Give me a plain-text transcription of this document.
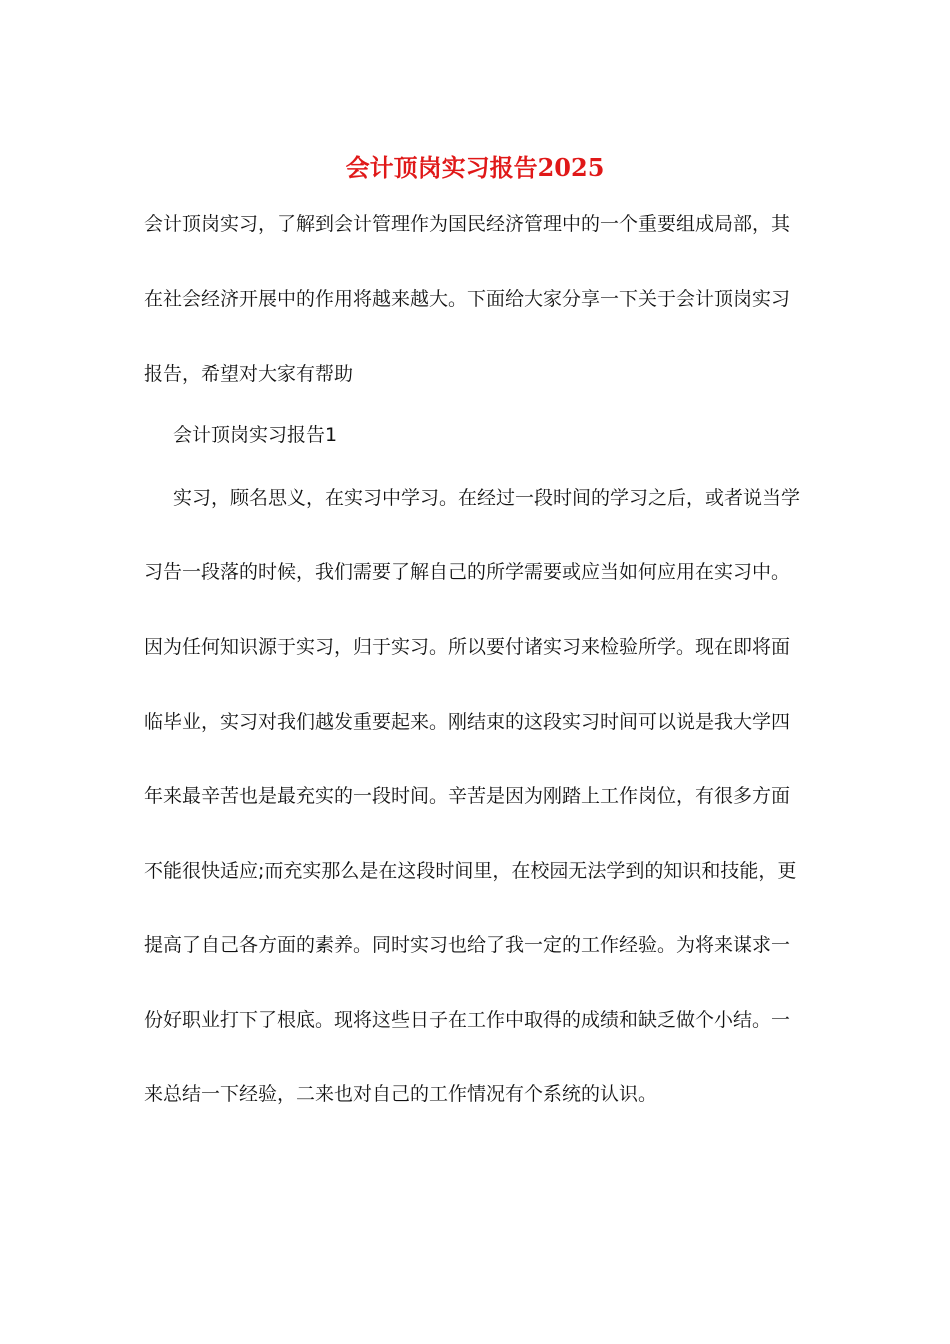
会计顶岗实习报告2025

会计顶岗实习，了解到会计管理作为国民经济管理中的一个重要组成局部，其

在社会经济开展中的作用将越来越大。下面给大家分享一下关于会计顶岗实习

报告，希望对大家有帮助

会计顶岗实习报告1

实习，顾名思义，在实习中学习。在经过一段时间的学习之后，或者说当学

习告一段落的时候，我们需要了解自己的所学需要或应当如何应用在实习中。

因为任何知识源于实习，归于实习。所以要付诸实习来检验所学。现在即将面

临毕业，实习对我们越发重要起来。刚结束的这段实习时间可以说是我大学四

年来最辛苦也是最充实的一段时间。辛苦是因为刚踏上工作岗位，有很多方面

不能很快适应;而充实那么是在这段时间里，在校园无法学到的知识和技能，更

提高了自己各方面的素养。同时实习也给了我一定的工作经验。为将来谋求一

份好职业打下了根底。现将这些日子在工作中取得的成绩和缺乏做个小结。一

来总结一下经验，二来也对自己的工作情况有个系统的认识。
